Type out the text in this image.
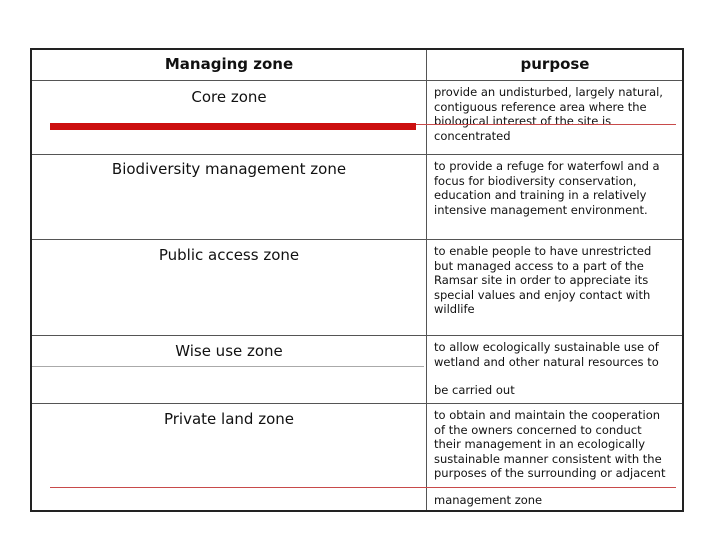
Managing zone	purpose
Core zone	provide an undisturbed, largely natural,
contiguous reference area where the
biological interest of the site is
concentrated
Biodiversity management zone	to provide a refuge for waterfowl and a
focus for biodiversity conservation,
education and training in a relatively
intensive management environment.
Public access zone	to enable people to have unrestricted
but managed access to a part of the
Ramsar site in order to appreciate its
special values and enjoy contact with
wildlife
Wise use zone	to allow ecologically sustainable use of
wetland and other natural resources to
be carried out
Private land zone	to obtain and maintain the cooperation
of the owners concerned to conduct
their management in an ecologically
sustainable manner consistent with the
purposes of the surrounding or adjacent
management zone
